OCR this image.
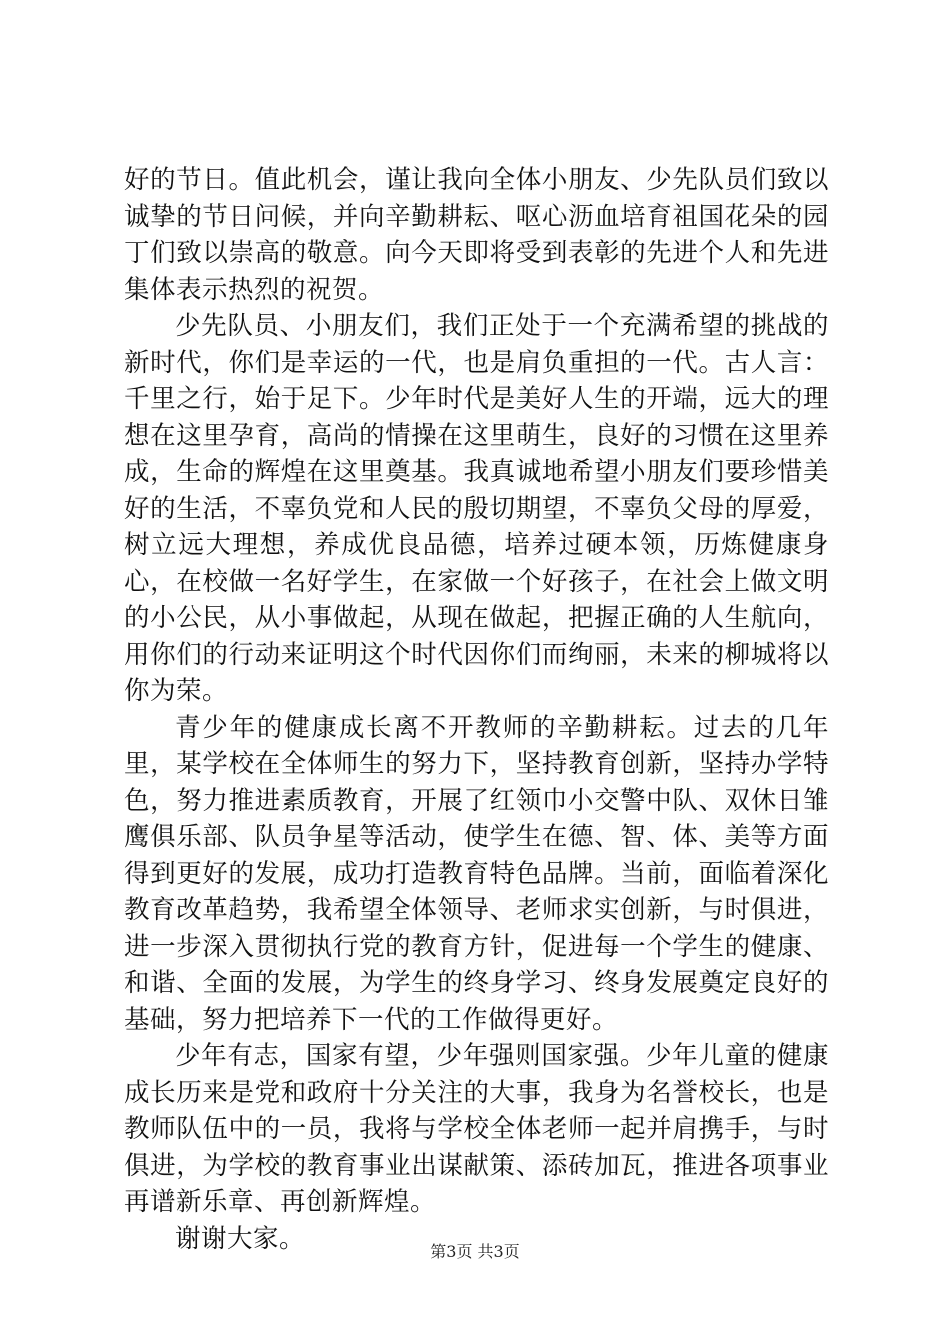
好的节日。值此机会，谨让我向全体小朋友、少先队员们致以诚挚的节日问候，并向辛勤耕耘、呕心沥血培育祖国花朵的园丁们致以崇高的敬意。向今天即将受到表彰的先进个人和先进集体表示热烈的祝贺。

少先队员、小朋友们，我们正处于一个充满希望的挑战的新时代，你们是幸运的一代，也是肩负重担的一代。古人言：千里之行，始于足下。少年时代是美好人生的开端，远大的理想在这里孕育，高尚的情操在这里萌生，良好的习惯在这里养成，生命的辉煌在这里奠基。我真诚地希望小朋友们要珍惜美好的生活，不辜负党和人民的殷切期望，不辜负父母的厚爱，树立远大理想，养成优良品德，培养过硬本领，历炼健康身心，在校做一名好学生，在家做一个好孩子，在社会上做文明的小公民，从小事做起，从现在做起，把握正确的人生航向，用你们的行动来证明这个时代因你们而绚丽，未来的柳城将以你为荣。

青少年的健康成长离不开教师的辛勤耕耘。过去的几年里，某学校在全体师生的努力下，坚持教育创新，坚持办学特色，努力推进素质教育，开展了红领巾小交警中队、双休日雏鹰俱乐部、队员争星等活动，使学生在德、智、体、美等方面得到更好的发展，成功打造教育特色品牌。当前，面临着深化教育改革趋势，我希望全体领导、老师求实创新，与时俱进，进一步深入贯彻执行党的教育方针，促进每一个学生的健康、和谐、全面的发展，为学生的终身学习、终身发展奠定良好的基础，努力把培养下一代的工作做得更好。

少年有志，国家有望，少年强则国家强。少年儿童的健康成长历来是党和政府十分关注的大事，我身为名誉校长，也是教师队伍中的一员，我将与学校全体老师一起并肩携手，与时俱进，为学校的教育事业出谋献策、添砖加瓦，推进各项事业再谱新乐章、再创新辉煌。

谢谢大家。	第3页 共3页
